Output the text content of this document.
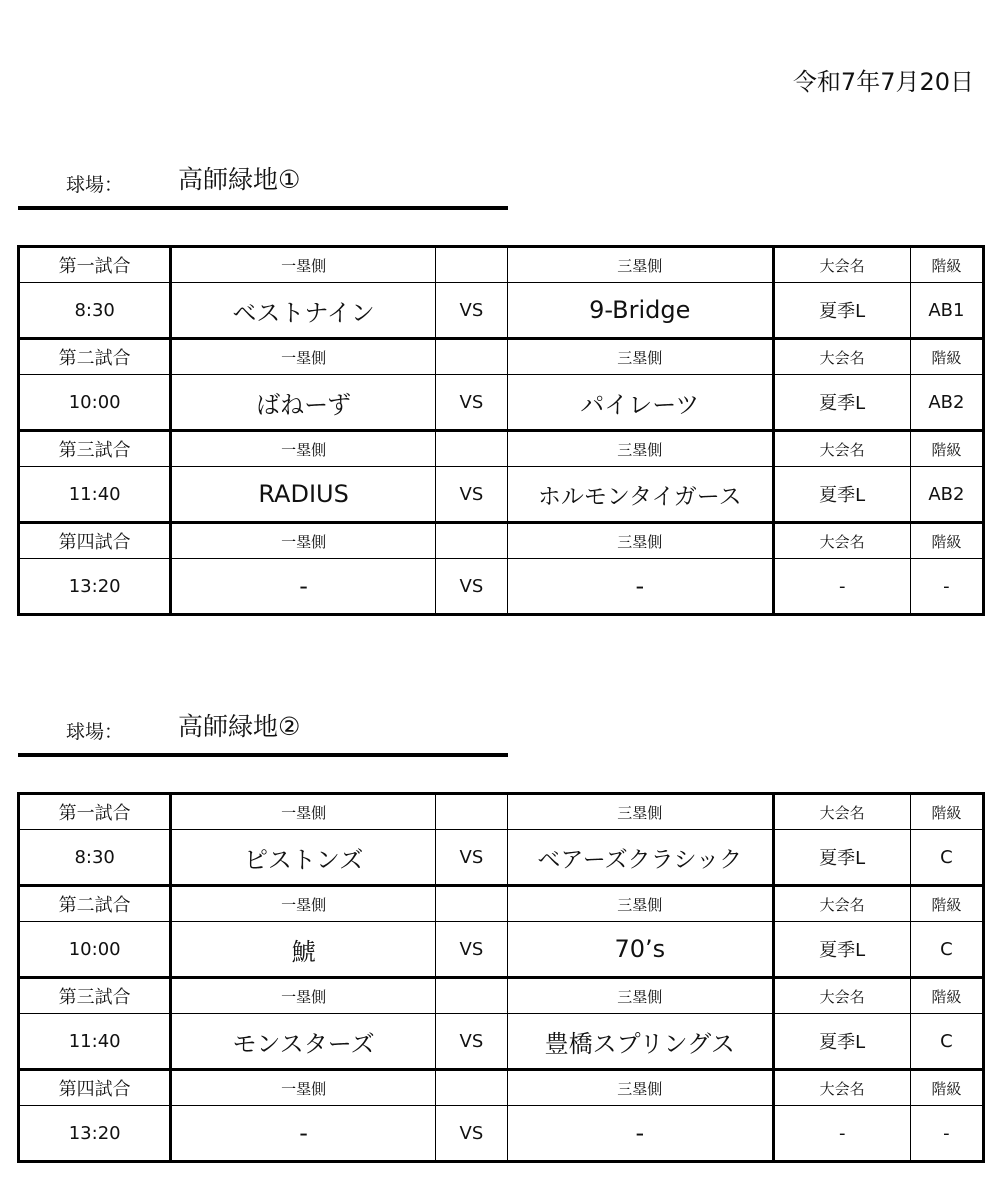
令和7年7月20日
球場： 高師緑地①
第一試合	一塁側		三塁側	大会名	階級
8:30	ベストナイン	VS	9-Bridge	夏季L	AB1
第二試合	一塁側		三塁側	大会名	階級
10:00	ばねーず	VS	パイレーツ	夏季L	AB2
第三試合	一塁側		三塁側	大会名	階級
11:40	RADIUS	VS	ホルモンタイガース	夏季L	AB2
第四試合	一塁側		三塁側	大会名	階級
13:20	-	VS	-	-	-
球場： 高師緑地②
第一試合	一塁側		三塁側	大会名	階級
8:30	ピストンズ	VS	ベアーズクラシック	夏季L	C
第二試合	一塁側		三塁側	大会名	階級
10:00	鯱	VS	70’s	夏季L	C
第三試合	一塁側		三塁側	大会名	階級
11:40	モンスターズ	VS	豊橋スプリングス	夏季L	C
第四試合	一塁側		三塁側	大会名	階級
13:20	-	VS	-	-	-
